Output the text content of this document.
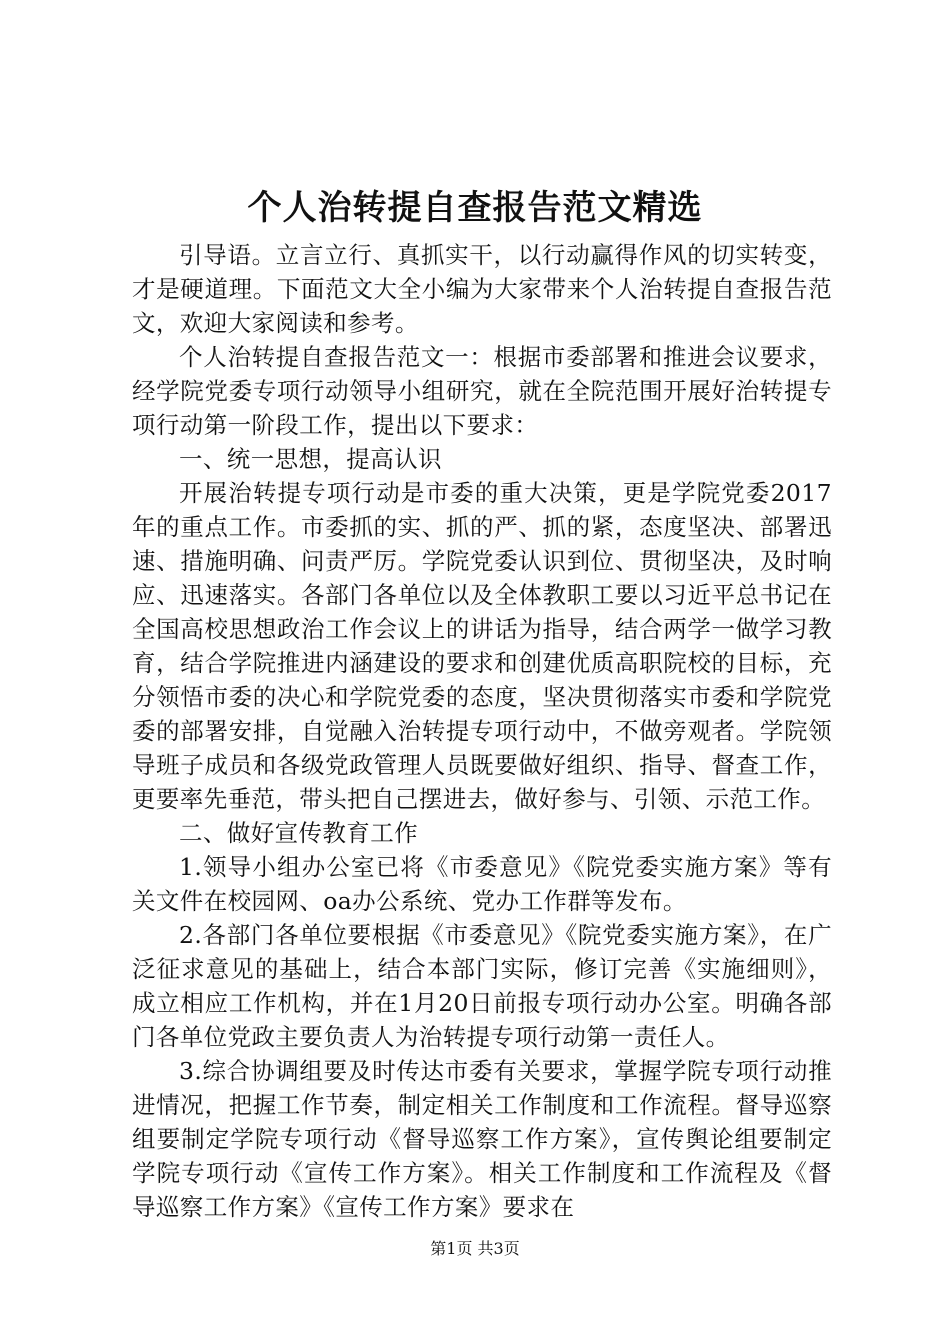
个人治转提自查报告范文精选

引导语。立言立行、真抓实干，以行动赢得作风的切实转变，才是硬道理。下面范文大全小编为大家带来个人治转提自查报告范文，欢迎大家阅读和参考。

个人治转提自查报告范文一：根据市委部署和推进会议要求，经学院党委专项行动领导小组研究，就在全院范围开展好治转提专项行动第一阶段工作，提出以下要求：

一、统一思想，提高认识

开展治转提专项行动是市委的重大决策，更是学院党委2017年的重点工作。市委抓的实、抓的严、抓的紧，态度坚决、部署迅速、措施明确、问责严厉。学院党委认识到位、贯彻坚决，及时响应、迅速落实。各部门各单位以及全体教职工要以习近平总书记在全国高校思想政治工作会议上的讲话为指导，结合两学一做学习教育，结合学院推进内涵建设的要求和创建优质高职院校的目标，充分领悟市委的决心和学院党委的态度，坚决贯彻落实市委和学院党委的部署安排，自觉融入治转提专项行动中，不做旁观者。学院领导班子成员和各级党政管理人员既要做好组织、指导、督查工作，更要率先垂范，带头把自己摆进去，做好参与、引领、示范工作。

二、做好宣传教育工作

1.领导小组办公室已将《市委意见》《院党委实施方案》等有关文件在校园网、oa办公系统、党办工作群等发布。

2.各部门各单位要根据《市委意见》《院党委实施方案》，在广泛征求意见的基础上，结合本部门实际，修订完善《实施细则》，成立相应工作机构，并在1月20日前报专项行动办公室。明确各部门各单位党政主要负责人为治转提专项行动第一责任人。

3.综合协调组要及时传达市委有关要求，掌握学院专项行动推进情况，把握工作节奏，制定相关工作制度和工作流程。督导巡察组要制定学院专项行动《督导巡察工作方案》，宣传舆论组要制定学院专项行动《宣传工作方案》。相关工作制度和工作流程及《督导巡察工作方案》《宣传工作方案》要求在

第1页 共3页
